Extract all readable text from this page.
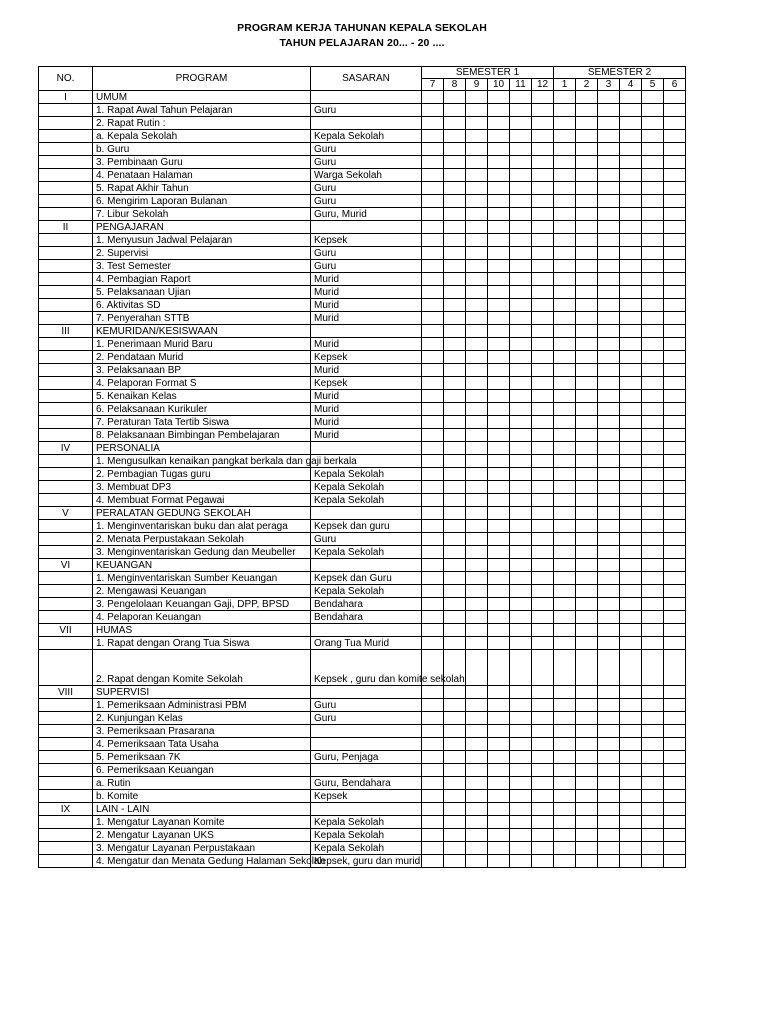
PROGRAM KERJA TAHUNAN KEPALA SEKOLAH
TAHUN PELAJARAN 20... - 20 ....
NO.	PROGRAM	SASARAN	SEMESTER 1						SEMESTER 2					
			7	8	9	10	11	12	1	2	3	4	5	6
I	UMUM													
	1. Rapat Awal Tahun Pelajaran	Guru												
	2. Rapat Rutin :													
	a. Kepala Sekolah	Kepala Sekolah												
	b. Guru	Guru												
	3. Pembinaan Guru	Guru												
	4. Penataan Halaman	Warga Sekolah												
	5. Rapat Akhir Tahun	Guru												
	6. Mengirim Laporan Bulanan	Guru												
	7. Libur Sekolah	Guru, Murid												
II	PENGAJARAN													
	1. Menyusun Jadwal Pelajaran	Kepsek												
	2. Supervisi	Guru												
	3. Test Semester	Guru												
	4. Pembagian Raport	Murid												
	5. Pelaksanaan Ujian	Murid												
	6. Aktivitas SD	Murid												
	7. Penyerahan STTB	Murid												
III	KEMURIDAN/KESISWAAN													
	1. Penerimaan Murid Baru	Murid												
	2. Pendataan Murid	Kepsek												
	3. Pelaksanaan BP	Murid												
	4. Pelaporan Format S	Kepsek												
	5. Kenaikan Kelas	Murid												
	6. Pelaksanaan Kurikuler	Murid												
	7. Peraturan Tata Tertib Siswa	Murid												
	8. Pelaksanaan Bimbingan Pembelajaran	Murid												
IV	PERSONALIA													
	1. Mengusulkan kenaikan pangkat berkala dan gaji berkala													
	2. Pembagian Tugas guru	Kepala Sekolah												
	3. Membuat DP3	Kepala Sekolah												
	4. Membuat Format Pegawai	Kepala Sekolah												
V	PERALATAN GEDUNG SEKOLAH													
	1. Menginventariskan buku dan alat peraga	Kepsek dan guru												
	2. Menata Perpustakaan Sekolah	Guru												
	3. Menginventariskan Gedung dan Meubeller	Kepala Sekolah												
VI	KEUANGAN													
	1. Menginventariskan Sumber Keuangan	Kepsek dan Guru												
	2. Mengawasi Keuangan	Kepala Sekolah												
	3. Pengelolaan Keuangan Gaji, DPP, BPSD	Bendahara												
	4. Pelaporan Keuangan	Bendahara												
VII	HUMAS													
	1. Rapat dengan Orang Tua Siswa	Orang Tua Murid												
	2. Rapat dengan Komite Sekolah	Kepsek , guru dan komite sekolah												
VIII	SUPERVISI													
	1. Pemeriksaan Administrasi PBM	Guru												
	2. Kunjungan Kelas	Guru												
	3. Pemeriksaan Prasarana													
	4. Pemeriksaan Tata Usaha													
	5. Pemeriksaan 7K	Guru, Penjaga												
	6. Pemeriksaan Keuangan													
	a. Rutin	Guru, Bendahara												
	b. Komite	Kepsek												
IX	LAIN - LAIN													
	1. Mengatur Layanan Komite	Kepala Sekolah												
	2. Mengatur Layanan UKS	Kepala Sekolah												
	3. Mengatur Layanan Perpustakaan	Kepala Sekolah												
	4. Mengatur dan Menata Gedung Halaman Sekolah	Kepsek, guru dan murid												
